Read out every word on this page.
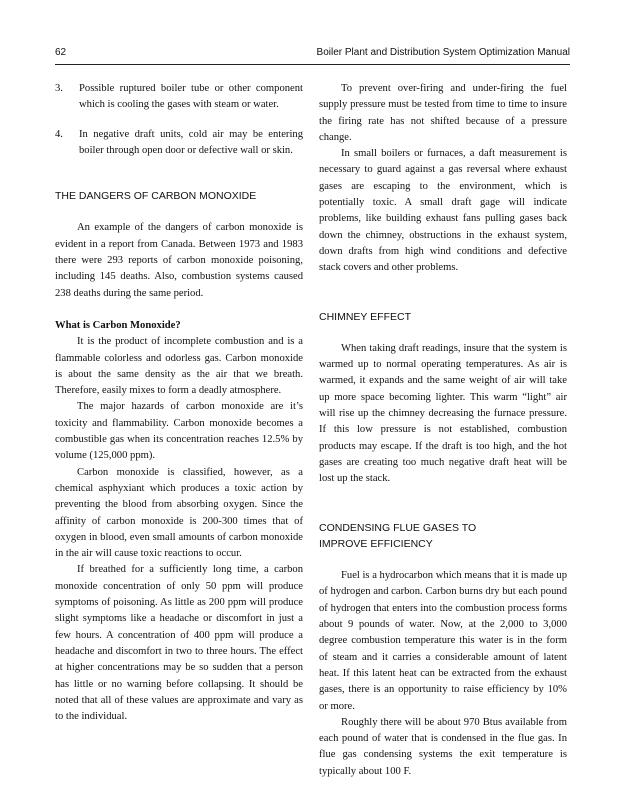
62	Boiler Plant and Distribution System Optimization Manual
3. Possible ruptured boiler tube or other component which is cooling the gases with steam or water.
4. In negative draft units, cold air may be entering boiler through open door or defective wall or skin.

THE DANGERS OF CARBON MONOXIDE

An example of the dangers of carbon monoxide is evident in a report from Canada. Between 1973 and 1983 there were 293 reports of carbon monoxide poisoning, including 145 deaths. Also, combustion systems caused 238 deaths during the same period.

What is Carbon Monoxide?

It is the product of incomplete combustion and is a flammable colorless and odorless gas. Carbon monoxide is about the same density as the air that we breath. Therefore, easily mixes to form a deadly atmosphere.

The major hazards of carbon monoxide are it’s toxicity and flammability. Carbon monoxide becomes a combustible gas when its concentration reaches 12.5% by volume (125,000 ppm).

Carbon monoxide is classified, however, as a chemical asphyxiant which produces a toxic action by preventing the blood from absorbing oxygen. Since the affinity of carbon monoxide is 200-300 times that of oxygen in blood, even small amounts of carbon monoxide in the air will cause toxic reactions to occur.

If breathed for a sufficiently long time, a carbon monoxide concentration of only 50 ppm will produce symptoms of poisoning. As little as 200 ppm will produce slight symptoms like a headache or discomfort in just a few hours. A concentration of 400 ppm will produce a headache and discomfort in two to three hours. The effect at higher concentrations may be so sudden that a person has little or no warning before collapsing. It should be noted that all of these values are approximate and vary as to the individual.

To prevent over-firing and under-firing the fuel supply pressure must be tested from time to time to insure the firing rate has not shifted because of a pressure change.

In small boilers or furnaces, a daft measurement is necessary to guard against a gas reversal where exhaust gases are escaping to the environment, which is potentially toxic. A small draft gage will indicate problems, like building exhaust fans pulling gases back down the chimney, obstructions in the exhaust system, down drafts from high wind conditions and defective stack covers and other problems.

CHIMNEY EFFECT

When taking draft readings, insure that the system is warmed up to normal operating temperatures. As air is warmed, it expands and the same weight of air will take up more space becoming lighter. This warm “light” air will rise up the chimney decreasing the furnace pressure. If this low pressure is not established, combustion products may escape. If the draft is too high, and the hot gases are creating too much negative draft heat will be lost up the stack.

CONDENSING FLUE GASES TO

IMPROVE EFFICIENCY

Fuel is a hydrocarbon which means that it is made up of hydrogen and carbon. Carbon burns dry but each pound of hydrogen that enters into the combustion process forms about 9 pounds of water. Now, at the 2,000 to 3,000 degree combustion temperature this water is in the form of steam and it carries a considerable amount of latent heat. If this latent heat can be extracted from the exhaust gases, there is an opportunity to raise efficiency by 10% or more.

Roughly there will be about 970 Btus available from each pound of water that is condensed in the flue gas. In flue gas condensing systems the exit temperature is typically about 100 F.
